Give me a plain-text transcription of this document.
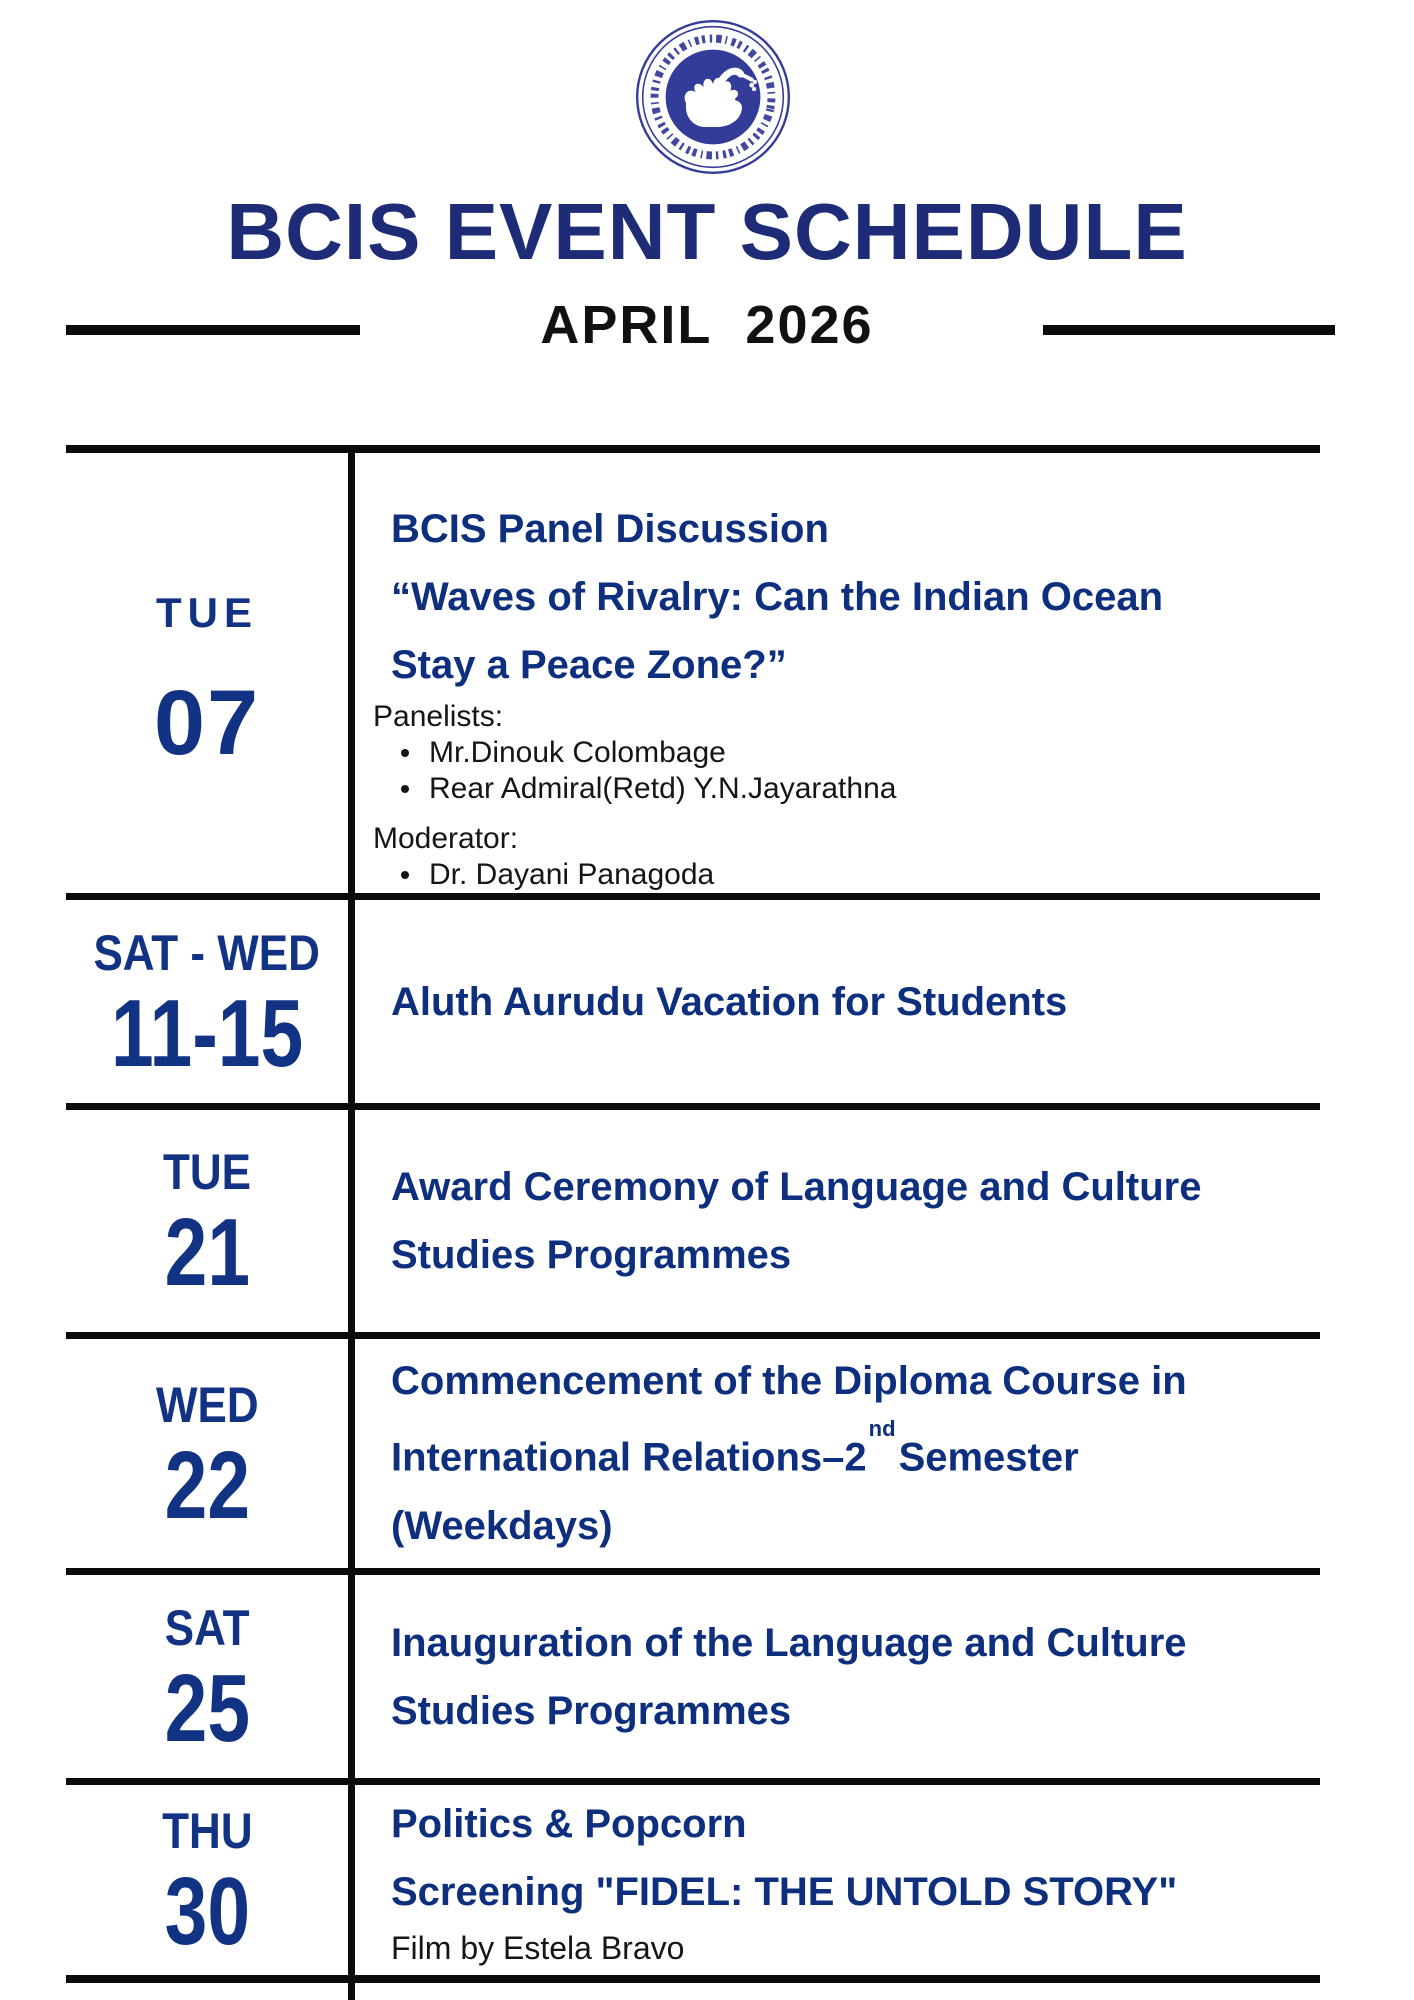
BCIS EVENT SCHEDULE
APRIL  2026
TUE
07
BCIS Panel Discussion
“Waves of Rivalry: Can the Indian Ocean
Stay a Peace Zone?”
Panelists:
Mr.Dinouk Colombage
Rear Admiral(Retd) Y.N.Jayarathna
Moderator:
Dr. Dayani Panagoda
SAT - WED
11-15 Aluth Aurudu Vacation for Students
TUE
21
Award Ceremony of Language and Culture
Studies Programmes
WED
22
Commencement of the Diploma Course in
International Relations–2ndSemester
(Weekdays)
SAT
25
Inauguration of the Language and Culture
Studies Programmes
THU
30
Politics & Popcorn
Screening "FIDEL: THE UNTOLD STORY"
Film by Estela Bravo
